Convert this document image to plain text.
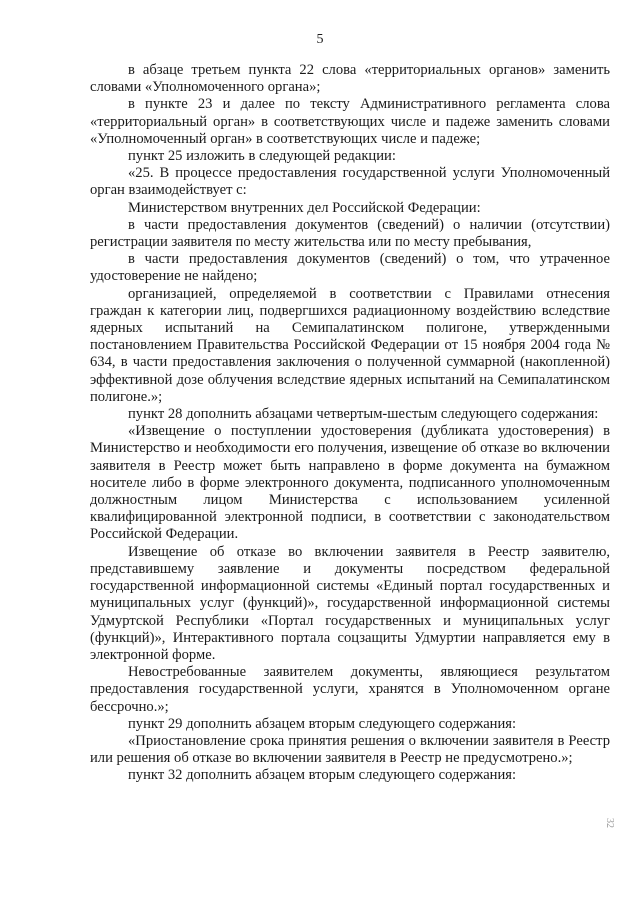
5

в абзаце третьем пункта 22 слова «территориальных органов» заменить словами «Уполномоченного органа»;

в пункте 23 и далее по тексту Административного регламента слова «территориальный орган» в соответствующих числе и падеже заменить словами «Уполномоченный орган» в соответствующих числе и падеже;

пункт 25 изложить в следующей редакции:

«25. В процессе предоставления государственной услуги Уполномоченный орган взаимодействует с:

Министерством внутренних дел Российской Федерации:

в части предоставления документов (сведений) о наличии (отсутствии) регистрации заявителя по месту жительства или по месту пребывания,

в части предоставления документов (сведений) о том, что утраченное удостоверение не найдено;

организацией, определяемой в соответствии с Правилами отнесения граждан к категории лиц, подвергшихся радиационному воздействию вследствие ядерных испытаний на Семипалатинском полигоне, утвержденными постановлением Правительства Российской Федерации от 15 ноября 2004 года № 634, в части предоставления заключения о полученной суммарной (накопленной) эффективной дозе облучения вследствие ядерных испытаний на Семипалатинском полигоне.»;

пункт 28 дополнить абзацами четвертым-шестым следующего содержания:

«Извещение о поступлении удостоверения (дубликата удостоверения) в Министерство и необходимости его получения, извещение об отказе во включении заявителя в Реестр может быть направлено в форме документа на бумажном носителе либо в форме электронного документа, подписанного уполномоченным должностным лицом Министерства с использованием усиленной квалифицированной электронной подписи, в соответствии с законодательством Российской Федерации.

Извещение об отказе во включении заявителя в Реестр заявителю, представившему заявление и документы посредством федеральной государственной информационной системы «Единый портал государственных и муниципальных услуг (функций)», государственной информационной системы Удмуртской Республики «Портал государственных и муниципальных услуг (функций)», Интерактивного портала соцзащиты Удмуртии направляется ему в электронной форме.

Невостребованные заявителем документы, являющиеся результатом предоставления государственной услуги, хранятся в Уполномоченном органе бессрочно.»;

пункт 29 дополнить абзацем вторым следующего содержания:

«Приостановление срока принятия решения о включении заявителя в Реестр или решения об отказе во включении заявителя в Реестр не предусмотрено.»;

пункт 32 дополнить абзацем вторым следующего содержания:

32
